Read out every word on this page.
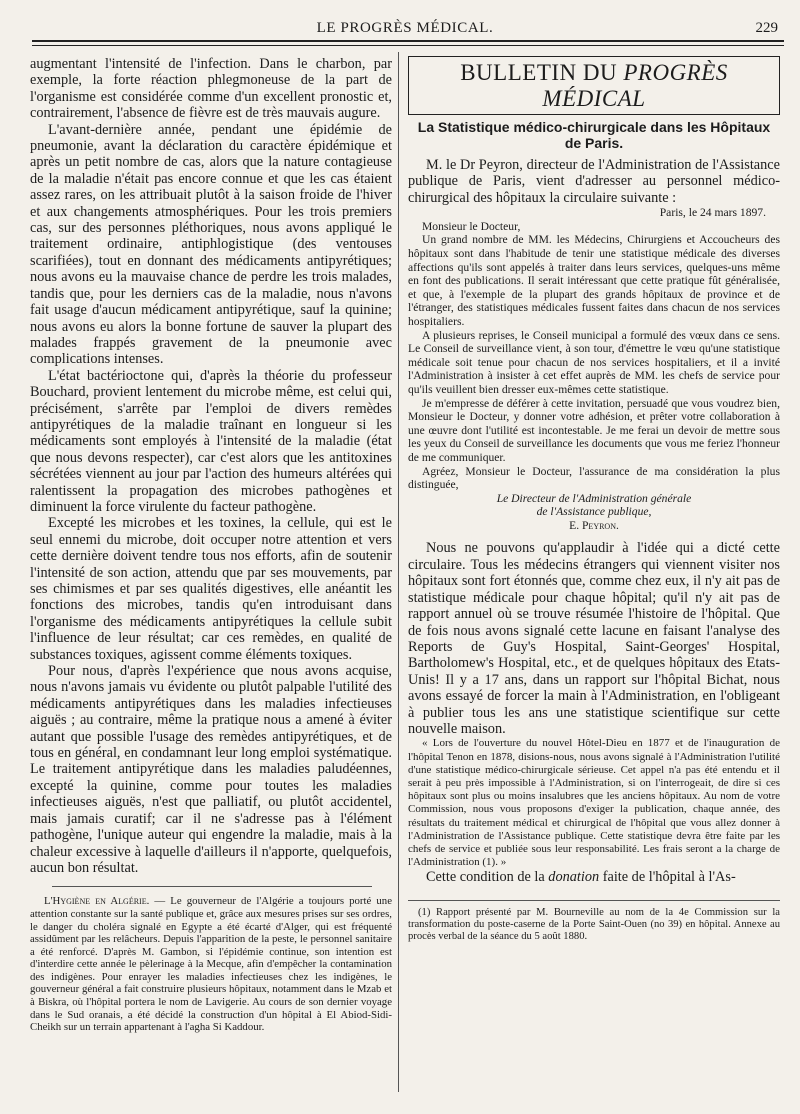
LE PROGRÈS MÉDICAL.	229

augmentant l'intensité de l'infection. Dans le charbon, par exemple, la forte réaction phlegmoneuse de la part de l'organisme est considérée comme d'un excellent pronostic et, contrairement, l'absence de fièvre est de très mauvais augure.

L'avant-dernière année, pendant une épidémie de pneumonie, avant la déclaration du caractère épidémique et après un petit nombre de cas, alors que la nature contagieuse de la maladie n'était pas encore connue et que les cas étaient assez rares, on les attribuait plutôt à la saison froide de l'hiver et aux changements atmosphériques. Pour les trois premiers cas, sur des personnes pléthoriques, nous avons appliqué le traitement ordinaire, antiphlogistique (des ventouses scarifiées), tout en donnant des médicaments antipyrétiques; nous avons eu la mauvaise chance de perdre les trois malades, tandis que, pour les derniers cas de la maladie, nous n'avons fait usage d'aucun médicament antipyrétique, sauf la quinine; nous avons eu alors la bonne fortune de sauver la plupart des malades frappés gravement de la pneumonie avec complications intenses.

L'état bactérioctone qui, d'après la théorie du professeur Bouchard, provient lentement du microbe même, est celui qui, précisément, s'arrête par l'emploi de divers remèdes antipyrétiques de la maladie traînant en longueur si les médicaments sont employés à l'intensité de la maladie (état que nous devons respecter), car c'est alors que les antitoxines sécrétées viennent au jour par l'action des humeurs altérées qui ralentissent la propagation des microbes pathogènes et diminuent la force virulente du facteur pathogène.

Excepté les microbes et les toxines, la cellule, qui est le seul ennemi du microbe, doit occuper notre attention et vers cette dernière doivent tendre tous nos efforts, afin de soutenir l'intensité de son action, attendu que par ses mouvements, par ses chimismes et par ses qualités digestives, elle anéantit les fonctions des microbes, tandis qu'en introduisant dans l'organisme des médicaments antipyrétiques la cellule subit l'influence de leur résultat; car ces remèdes, en qualité de substances toxiques, agissent comme éléments toxiques.

Pour nous, d'après l'expérience que nous avons acquise, nous n'avons jamais vu évidente ou plutôt palpable l'utilité des médicaments antipyrétiques dans les maladies infectieuses aiguës ; au contraire, même la pratique nous a amené à éviter autant que possible l'usage des remèdes antipyrétiques, et de tous en général, en condamnant leur long emploi systématique. Le traitement antipyrétique dans les maladies paludéennes, excepté la quinine, comme pour toutes les maladies infectieuses aiguës, n'est que palliatif, ou plutôt accidentel, mais jamais curatif; car il ne s'adresse pas à l'élément pathogène, l'unique auteur qui engendre la maladie, mais à la chaleur excessive à laquelle d'ailleurs il n'apporte, quelquefois, aucun bon résultat.

L'Hygiène en Algérie. — Le gouverneur de l'Algérie a toujours porté une attention constante sur la santé publique et, grâce aux mesures prises sur ses ordres, le danger du choléra signalé en Egypte a été écarté d'Alger, qui est fréquenté assidûment par les relâcheurs. Depuis l'apparition de la peste, le personnel sanitaire a été renforcé. D'après M. Gambon, si l'épidémie continue, son intention est d'interdire cette année le pèlerinage à la Mecque, afin d'empêcher la contamination des indigènes. Pour enrayer les maladies infectieuses chez les indigènes, le gouverneur général a fait construire plusieurs hôpitaux, notamment dans le Mzab et à Biskra, où l'hôpital portera le nom de Lavigerie. Au cours de son dernier voyage dans le Sud oranais, a été décidé la construction d'un hôpital à El Abiod-Sidi-Cheikh sur un terrain appartenant à l'agha Si Kaddour.

BULLETIN DU PROGRÈS MÉDICAL
La Statistique médico-chirurgicale dans les Hôpitaux de Paris.

M. le Dr Peyron, directeur de l'Administration de l'Assistance publique de Paris, vient d'adresser au personnel médico-chirurgical des hôpitaux la circulaire suivante :

Paris, le 24 mars 1897.

Monsieur le Docteur,

Un grand nombre de MM. les Médecins, Chirurgiens et Accoucheurs des hôpitaux sont dans l'habitude de tenir une statistique médicale des diverses affections qu'ils sont appelés à traiter dans leurs services, quelques-uns même en font des publications. Il serait intéressant que cette pratique fût généralisée, et que, à l'exemple de la plupart des grands hôpitaux de province et de l'étranger, des statistiques médicales fussent faites dans chacun de nos services hospitaliers.

A plusieurs reprises, le Conseil municipal a formulé des vœux dans ce sens. Le Conseil de surveillance vient, à son tour, d'émettre le vœu qu'une statistique médicale soit tenue pour chacun de nos services hospitaliers, et il a invité l'Administration à insister à cet effet auprès de MM. les chefs de service pour qu'ils veuillent bien dresser eux-mêmes cette statistique.

Je m'empresse de déférer à cette invitation, persuadé que vous voudrez bien, Monsieur le Docteur, y donner votre adhésion, et prêter votre collaboration à une œuvre dont l'utilité est incontestable. Je me ferai un devoir de mettre sous les yeux du Conseil de surveillance les documents que vous me feriez l'honneur de me communiquer.

Agréez, Monsieur le Docteur, l'assurance de ma considération la plus distinguée,

Le Directeur de l'Administration générale
de l'Assistance publique,
E. Peyron.

Nous ne pouvons qu'applaudir à l'idée qui a dicté cette circulaire. Tous les médecins étrangers qui viennent visiter nos hôpitaux sont fort étonnés que, comme chez eux, il n'y ait pas de statistique médicale pour chaque hôpital; qu'il n'y ait pas de rapport annuel où se trouve résumée l'histoire de l'hôpital. Que de fois nous avons signalé cette lacune en faisant l'analyse des Reports de Guy's Hospital, Saint-Georges' Hospital, Bartholomew's Hospital, etc., et de quelques hôpitaux des Etats-Unis! Il y a 17 ans, dans un rapport sur l'hôpital Bichat, nous avons essayé de forcer la main à l'Administration, en l'obligeant à publier tous les ans une statistique scientifique sur cette nouvelle maison.

« Lors de l'ouverture du nouvel Hôtel-Dieu en 1877 et de l'inauguration de l'hôpital Tenon en 1878, disions-nous, nous avons signalé à l'Administration l'utilité d'une statistique médico-chirurgicale sérieuse. Cet appel n'a pas été entendu et il serait à peu près impossible à l'Administration, si on l'interrogeait, de dire si ces hôpitaux sont plus ou moins insalubres que les anciens hôpitaux. Au nom de votre Commission, nous vous proposons d'exiger la publication, chaque année, des résultats du traitement médical et chirurgical de l'hôpital que vous allez donner à l'Administration de l'Assistance publique. Cette statistique devra être faite par les chefs de service et publiée sous leur responsabilité. Les frais seront a la charge de l'Administration (1). »

Cette condition de la donation faite de l'hôpital à l'As-

(1) Rapport présenté par M. Bourneville au nom de la 4e Commission sur la transformation du poste-caserne de la Porte Saint-Ouen (no 39) en hôpital. Annexe au procès verbal de la séance du 5 août 1880.
